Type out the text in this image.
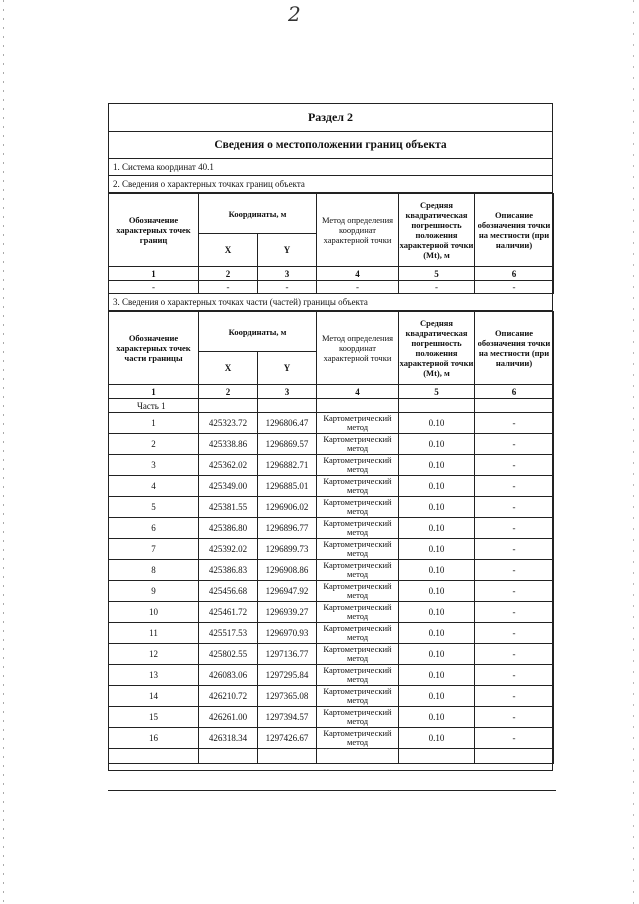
2
Раздел 2
Сведения о местоположении границ объекта
1. Система координат 40.1
2. Сведения о характерных точках границ объекта
Обозначение характерных точек границ	Координаты, м		Метод определения координат характерной точки	Средняя квадратическая погрешность положения характерной точки (Mt), м	Описание обозначения точки на местности (при наличии)
	X	Y			
1	2	3	4	5	6
-	-	-	-	-	-
3. Сведения о характерных точках части (частей) границы объекта
Обозначение характерных точек части границы	Координаты, м		Метод определения координат характерной точки	Средняя квадратическая погрешность положения характерной точки (Mt), м	Описание обозначения точки на местности (при наличии)
	X	Y			
1	2	3	4	5	6
Часть 1					
1	425323.72	1296806.47	Картометрический метод	0.10	-
2	425338.86	1296869.57	Картометрический метод	0.10	-
3	425362.02	1296882.71	Картометрический метод	0.10	-
4	425349.00	1296885.01	Картометрический метод	0.10	-
5	425381.55	1296906.02	Картометрический метод	0.10	-
6	425386.80	1296896.77	Картометрический метод	0.10	-
7	425392.02	1296899.73	Картометрический метод	0.10	-
8	425386.83	1296908.86	Картометрический метод	0.10	-
9	425456.68	1296947.92	Картометрический метод	0.10	-
10	425461.72	1296939.27	Картометрический метод	0.10	-
11	425517.53	1296970.93	Картометрический метод	0.10	-
12	425802.55	1297136.77	Картометрический метод	0.10	-
13	426083.06	1297295.84	Картометрический метод	0.10	-
14	426210.72	1297365.08	Картометрический метод	0.10	-
15	426261.00	1297394.57	Картометрический метод	0.10	-
16	426318.34	1297426.67	Картометрический метод	0.10	-
